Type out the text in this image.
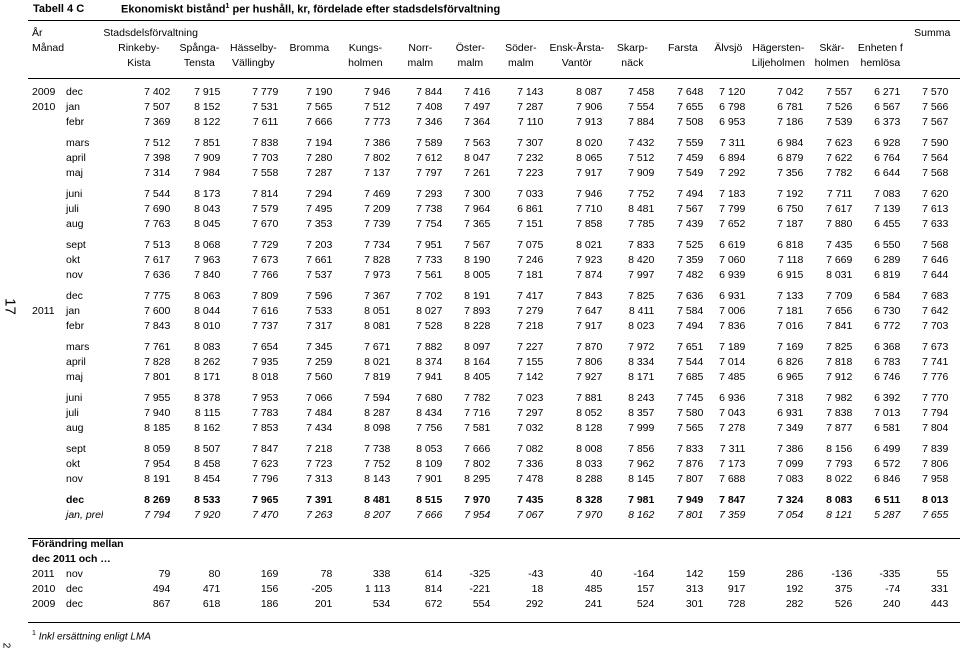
Tabell 4 C	Ekonomiskt bistånd$^1$ per hushåll, kr, fördelade efter stadsdelsförvaltning
17
2
År		Stadsdelsförvaltning															Summa
Månad		Rinkeby-	Spånga-	Hässelby-	Bromma	Kungs-	Norr-	Öster-	Söder-	Ensk-Årsta-	Skarp-	Farsta	Älvsjö	Hägersten-	Skär-	Enheten f	
		Kista	Tensta	Vällingby		holmen	malm	malm	malm	Vantör	näck			Liljeholmen	holmen	hemlösa	

2009	dec	7 402	7 915	7 779	7 190	7 946	7 844	7 416	7 143	8 087	7 458	7 648	7 120	7 042	7 557	6 271	7 570
2010	jan	7 507	8 152	7 531	7 565	7 512	7 408	7 497	7 287	7 906	7 554	7 655	6 798	6 781	7 526	6 567	7 566
	febr	7 369	8 122	7 611	7 666	7 773	7 346	7 364	7 110	7 913	7 884	7 508	6 953	7 186	7 539	6 373	7 567

	mars	7 512	7 851	7 838	7 194	7 386	7 589	7 563	7 307	8 020	7 432	7 559	7 311	6 984	7 623	6 928	7 590
	april	7 398	7 909	7 703	7 280	7 802	7 612	8 047	7 232	8 065	7 512	7 459	6 894	6 879	7 622	6 764	7 564
	maj	7 314	7 984	7 558	7 287	7 137	7 797	7 261	7 223	7 917	7 909	7 549	7 292	7 356	7 782	6 644	7 568

	juni	7 544	8 173	7 814	7 294	7 469	7 293	7 300	7 033	7 946	7 752	7 494	7 183	7 192	7 711	7 083	7 620
	juli	7 690	8 043	7 579	7 495	7 209	7 738	7 964	6 861	7 710	8 481	7 567	7 799	6 750	7 617	7 139	7 613
	aug	7 763	8 045	7 670	7 353	7 739	7 754	7 365	7 151	7 858	7 785	7 439	7 652	7 187	7 880	6 455	7 633

	sept	7 513	8 068	7 729	7 203	7 734	7 951	7 567	7 075	8 021	7 833	7 525	6 619	6 818	7 435	6 550	7 568
	okt	7 617	7 963	7 673	7 661	7 828	7 733	8 190	7 246	7 923	8 420	7 359	7 060	7 118	7 669	6 289	7 646
	nov	7 636	7 840	7 766	7 537	7 973	7 561	8 005	7 181	7 874	7 997	7 482	6 939	6 915	8 031	6 819	7 644

	dec	7 775	8 063	7 809	7 596	7 367	7 702	8 191	7 417	7 843	7 825	7 636	6 931	7 133	7 709	6 584	7 683
2011	jan	7 600	8 044	7 616	7 533	8 051	8 027	7 893	7 279	7 647	8 411	7 584	7 006	7 181	7 656	6 730	7 642
	febr	7 843	8 010	7 737	7 317	8 081	7 528	8 228	7 218	7 917	8 023	7 494	7 836	7 016	7 841	6 772	7 703

	mars	7 761	8 083	7 654	7 345	7 671	7 882	8 097	7 227	7 870	7 972	7 651	7 189	7 169	7 825	6 368	7 673
	april	7 828	8 262	7 935	7 259	8 021	8 374	8 164	7 155	7 806	8 334	7 544	7 014	6 826	7 818	6 783	7 741
	maj	7 801	8 171	8 018	7 560	7 819	7 941	8 405	7 142	7 927	8 171	7 685	7 485	6 965	7 912	6 746	7 776

	juni	7 955	8 378	7 953	7 066	7 594	7 680	7 782	7 023	7 881	8 243	7 745	6 936	7 318	7 982	6 392	7 770
	juli	7 940	8 115	7 783	7 484	8 287	8 434	7 716	7 297	8 052	8 357	7 580	7 043	6 931	7 838	7 013	7 794
	aug	8 185	8 162	7 853	7 434	8 098	7 756	7 581	7 032	8 128	7 999	7 565	7 278	7 349	7 877	6 581	7 804

	sept	8 059	8 507	7 847	7 218	7 738	8 053	7 666	7 082	8 008	7 856	7 833	7 311	7 386	8 156	6 499	7 839
	okt	7 954	8 458	7 623	7 723	7 752	8 109	7 802	7 336	8 033	7 962	7 876	7 173	7 099	7 793	6 572	7 806
	nov	8 191	8 454	7 796	7 313	8 143	7 901	8 295	7 478	8 288	8 145	7 807	7 688	7 083	8 022	6 846	7 958

	dec	8 269	8 533	7 965	7 391	8 481	8 515	7 970	7 435	8 328	7 981	7 949	7 847	7 324	8 083	6 511	8 013
	jan, prel	7 794	7 920	7 470	7 263	8 207	7 666	7 954	7 067	7 970	8 162	7 801	7 359	7 054	8 121	5 287	7 655

Förändring mellan																	
dec 2011 och …																	
2011	nov	79	80	169	78	338	614	-325	-43	40	-164	142	159	286	-136	-335	55
2010	dec	494	471	156	-205	1 113	814	-221	18	485	157	313	917	192	375	-74	331
2009	dec	867	618	186	201	534	672	554	292	241	524	301	728	282	526	240	443
$^1$ Inkl ersättning enligt LMA
